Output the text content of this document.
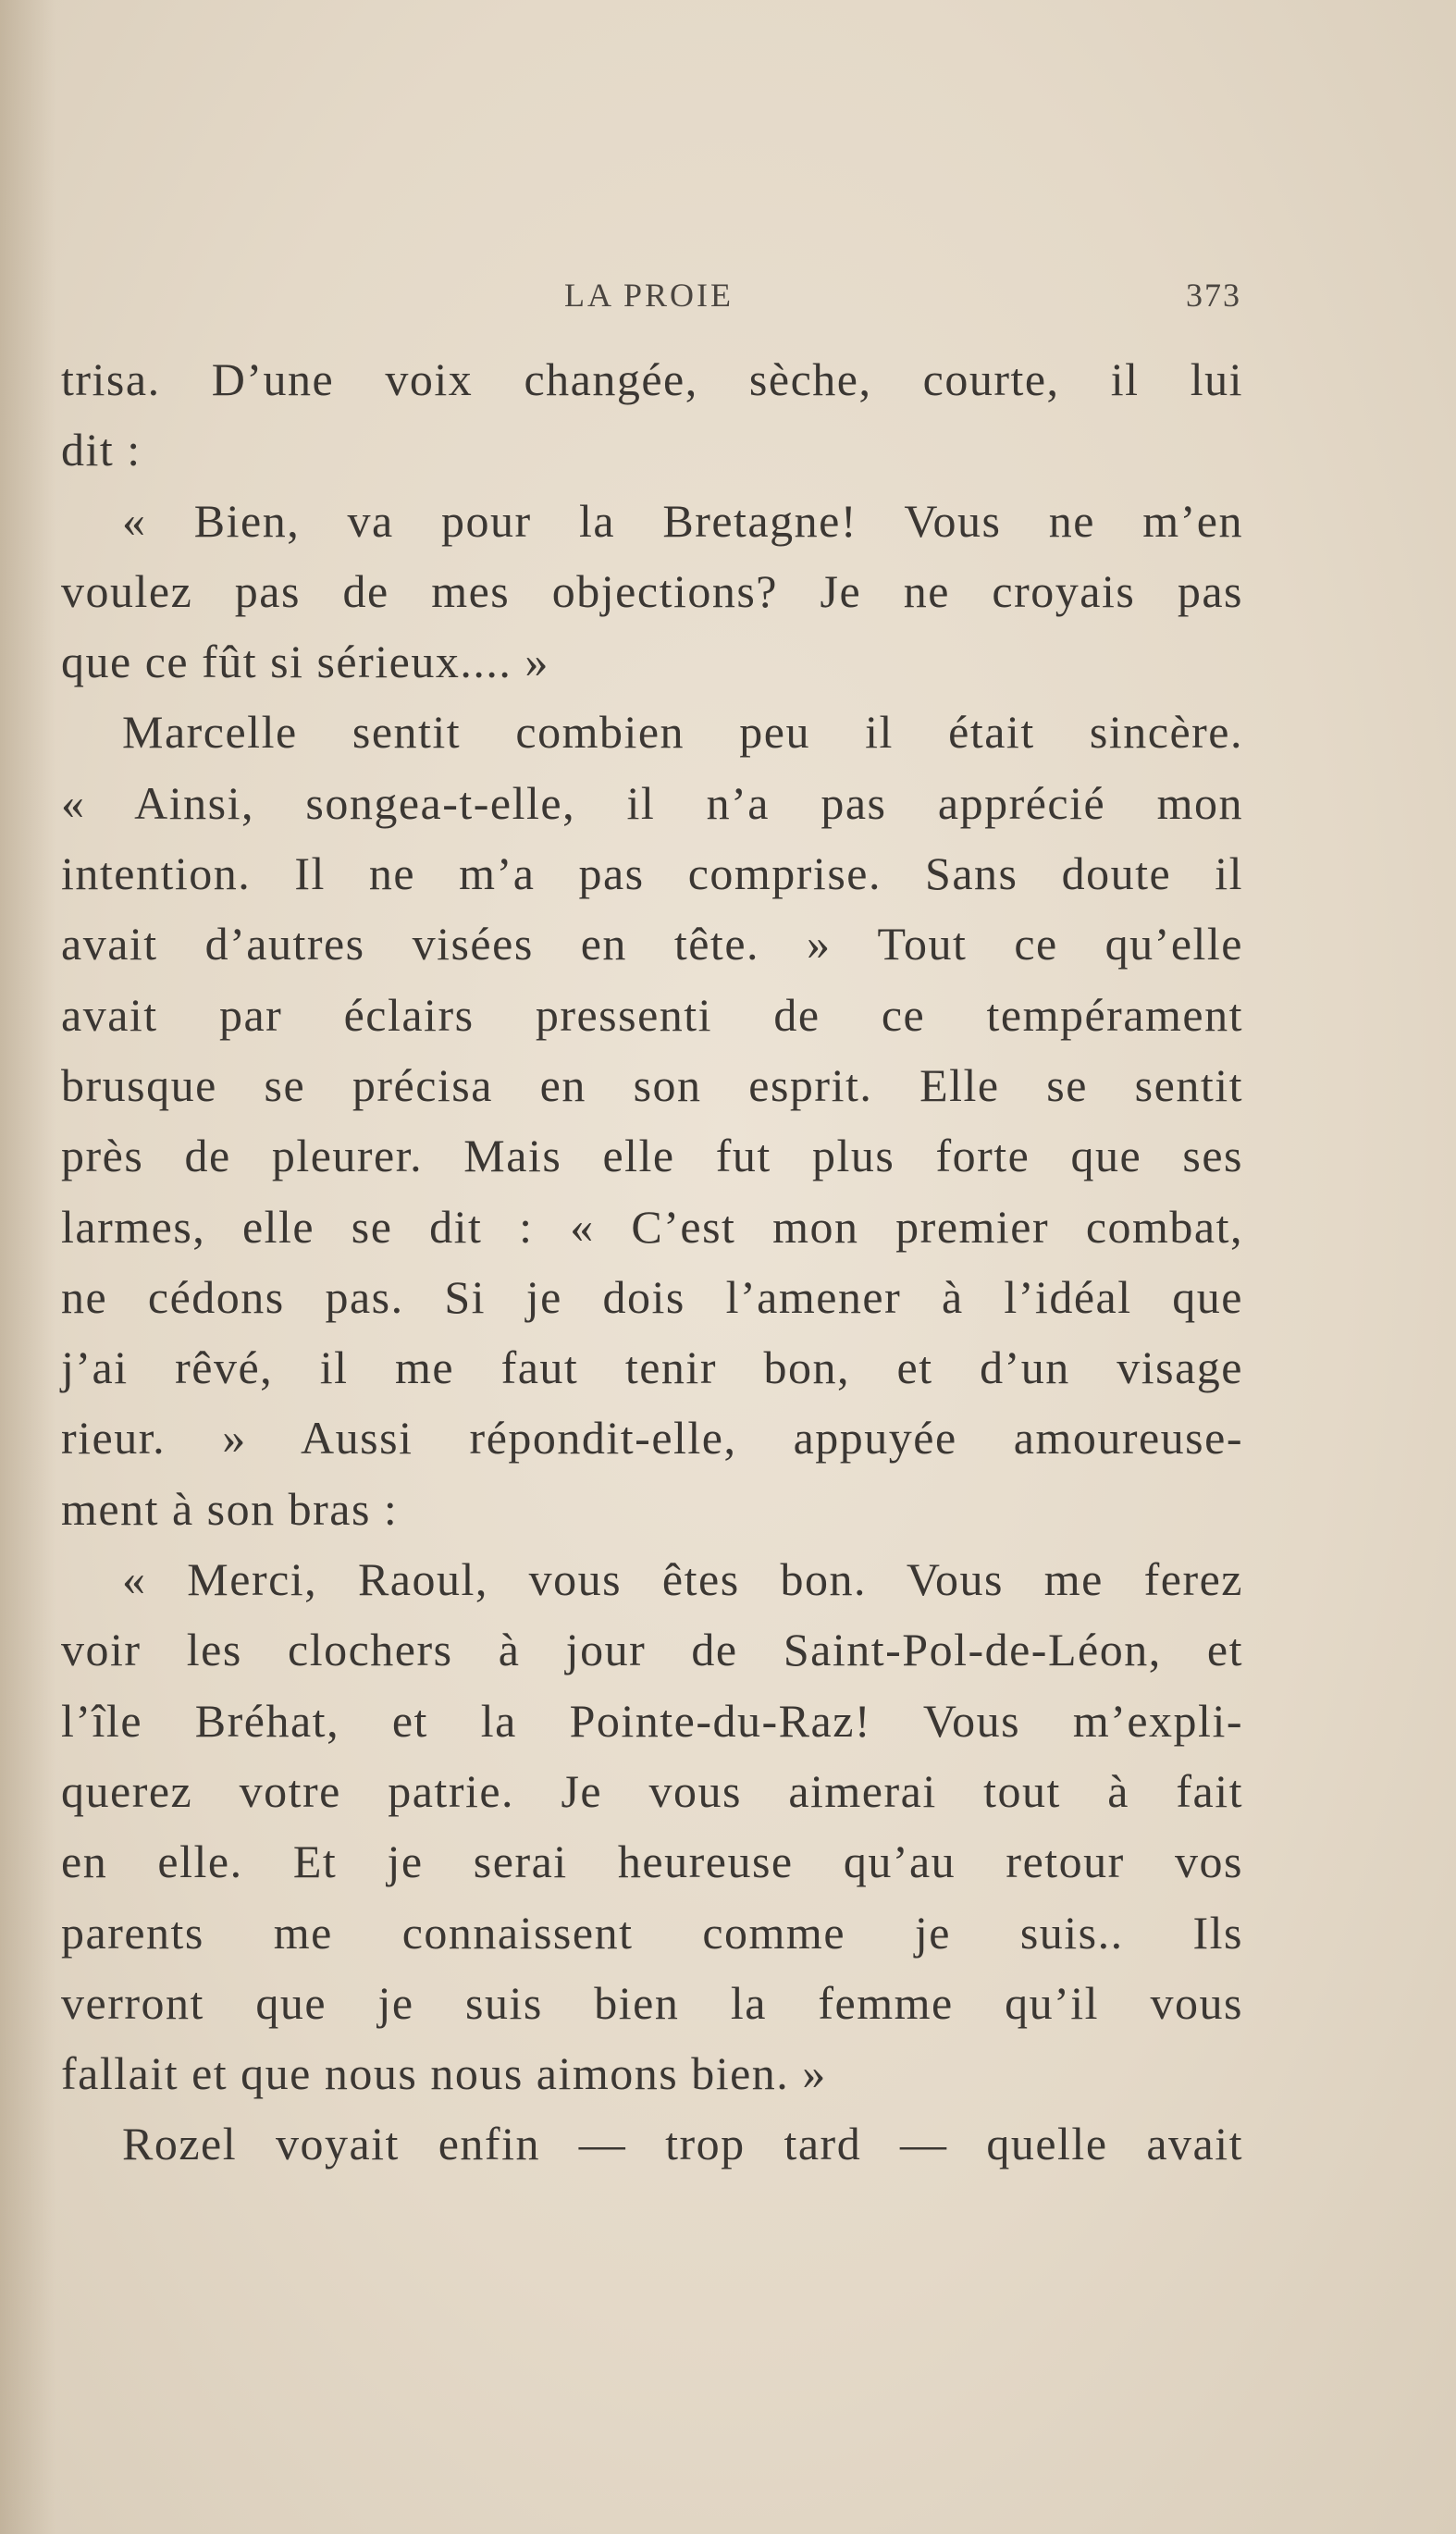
LA PROIE	373
trisa. D’une voix changée, sèche, courte, il lui
dit :
« Bien, va pour la Bretagne! Vous ne m’en
voulez pas de mes objections? Je ne croyais pas
que ce fût si sérieux.... »
Marcelle sentit combien peu il était sincère.
« Ainsi, songea-t-elle, il n’a pas apprécié mon
intention. Il ne m’a pas comprise. Sans doute il
avait d’autres visées en tête. » Tout ce qu’elle
avait par éclairs pressenti de ce tempérament
brusque se précisa en son esprit. Elle se sentit
près de pleurer. Mais elle fut plus forte que ses
larmes, elle se dit : « C’est mon premier combat,
ne cédons pas. Si je dois l’amener à l’idéal que
j’ai rêvé, il me faut tenir bon, et d’un visage
rieur. » Aussi répondit-elle, appuyée amoureuse-
ment à son bras :
« Merci, Raoul, vous êtes bon. Vous me ferez
voir les clochers à jour de Saint-Pol-de-Léon, et
l’île Bréhat, et la Pointe-du-Raz! Vous m’expli-
querez votre patrie. Je vous aimerai tout à fait
en elle. Et je serai heureuse qu’au retour vos
parents me connaissent comme je suis.. Ils
verront que je suis bien la femme qu’il vous
fallait et que nous nous aimons bien. »
Rozel voyait enfin — trop tard — quelle avait
